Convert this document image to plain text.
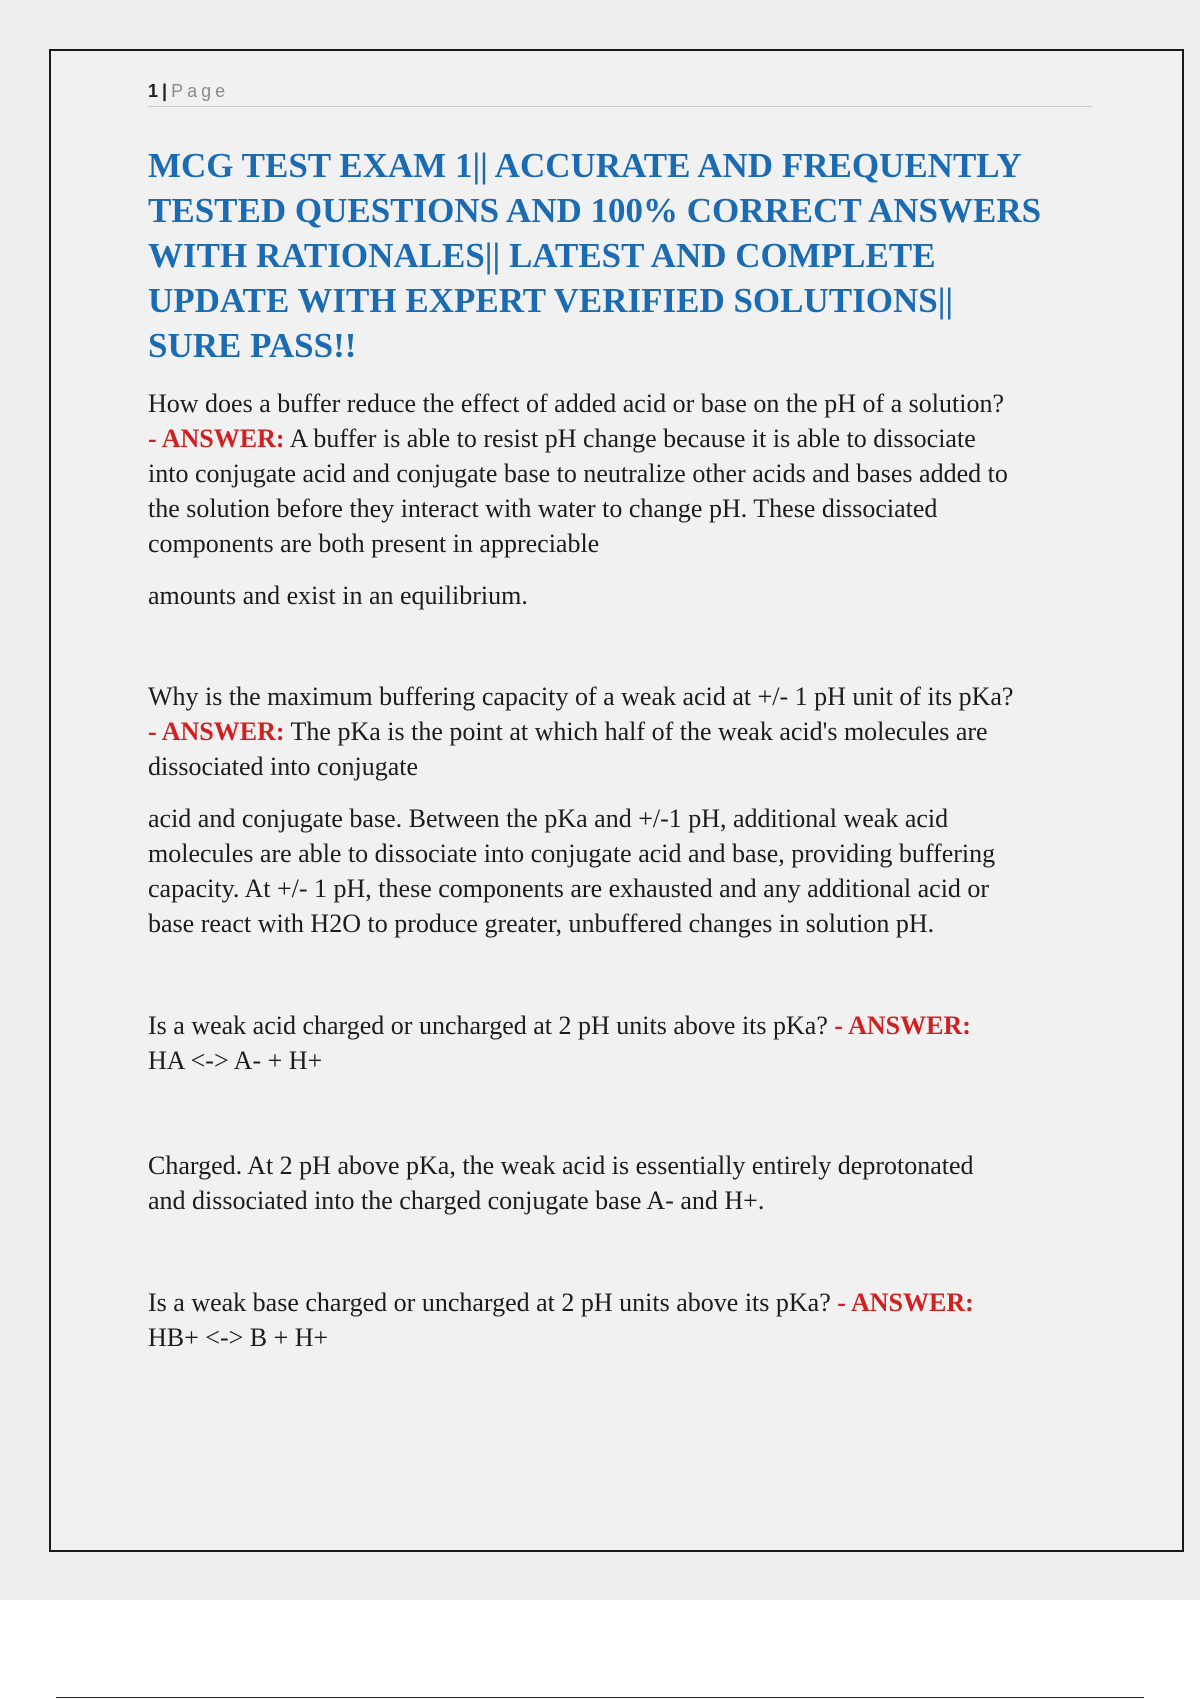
1 | Page
MCG TEST EXAM 1|| ACCURATE AND FREQUENTLY
TESTED QUESTIONS AND 100% CORRECT ANSWERS
WITH RATIONALES|| LATEST AND COMPLETE
UPDATE WITH EXPERT VERIFIED SOLUTIONS||
SURE PASS!!

How does a buffer reduce the effect of added acid or base on the pH of a solution?
- ANSWER: A buffer is able to resist pH change because it is able to dissociate
into conjugate acid and conjugate base to neutralize other acids and bases added to
the solution before they interact with water to change pH. These dissociated
components are both present in appreciable

amounts and exist in an equilibrium.

Why is the maximum buffering capacity of a weak acid at +/- 1 pH unit of its pKa?
- ANSWER: The pKa is the point at which half of the weak acid's molecules are
dissociated into conjugate

acid and conjugate base. Between the pKa and +/-1 pH, additional weak acid
molecules are able to dissociate into conjugate acid and base, providing buffering
capacity. At +/- 1 pH, these components are exhausted and any additional acid or
base react with H2O to produce greater, unbuffered changes in solution pH.

Is a weak acid charged or uncharged at 2 pH units above its pKa? - ANSWER:
HA <-> A- + H+

Charged. At 2 pH above pKa, the weak acid is essentially entirely deprotonated
and dissociated into the charged conjugate base A- and H+.

Is a weak base charged or uncharged at 2 pH units above its pKa? - ANSWER:
HB+ <-> B + H+
